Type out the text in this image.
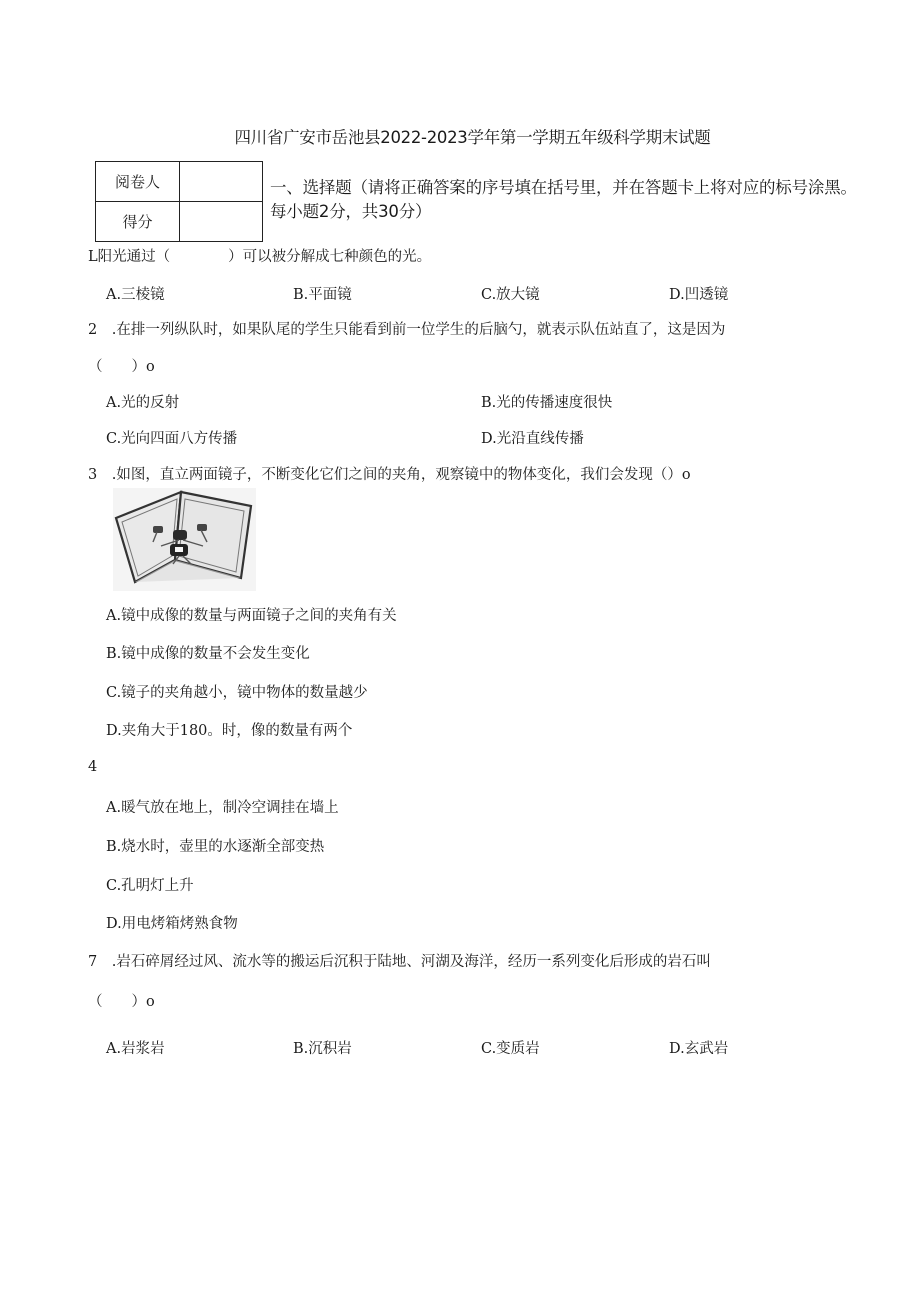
四川省广安市岳池县2022-2023学年第一学期五年级科学期末试题
阅卷人	
得分	
一、选择题（请将正确答案的序号填在括号里，并在答题卡上将对应的标号涂黑。每小题2分，共30分）
L阳光通过（　　　　）可以被分解成七种颜色的光。
A.三棱镜	B.平面镜	C.放大镜	D.凹透镜
2　.在排一列纵队时，如果队尾的学生只能看到前一位学生的后脑勺，就表示队伍站直了，这是因为
（　　）o
A.光的反射	B.光的传播速度很快
C.光向四面八方传播	D.光沿直线传播
3　.如图，直立两面镜子，不断变化它们之间的夹角，观察镜中的物体变化，我们会发现（）o
A.镜中成像的数量与两面镜子之间的夹角有关
B.镜中成像的数量不会发生变化
C.镜子的夹角越小，镜中物体的数量越少
D.夹角大于180。时，像的数量有两个
4
A.暖气放在地上，制冷空调挂在墙上
B.烧水时，壶里的水逐渐全部变热
C.孔明灯上升
D.用电烤箱烤熟食物
7　.岩石碎屑经过风、流水等的搬运后沉积于陆地、河湖及海洋，经历一系列变化后形成的岩石叫
（　　）o
A.岩浆岩	B.沉积岩	C.变质岩	D.玄武岩
